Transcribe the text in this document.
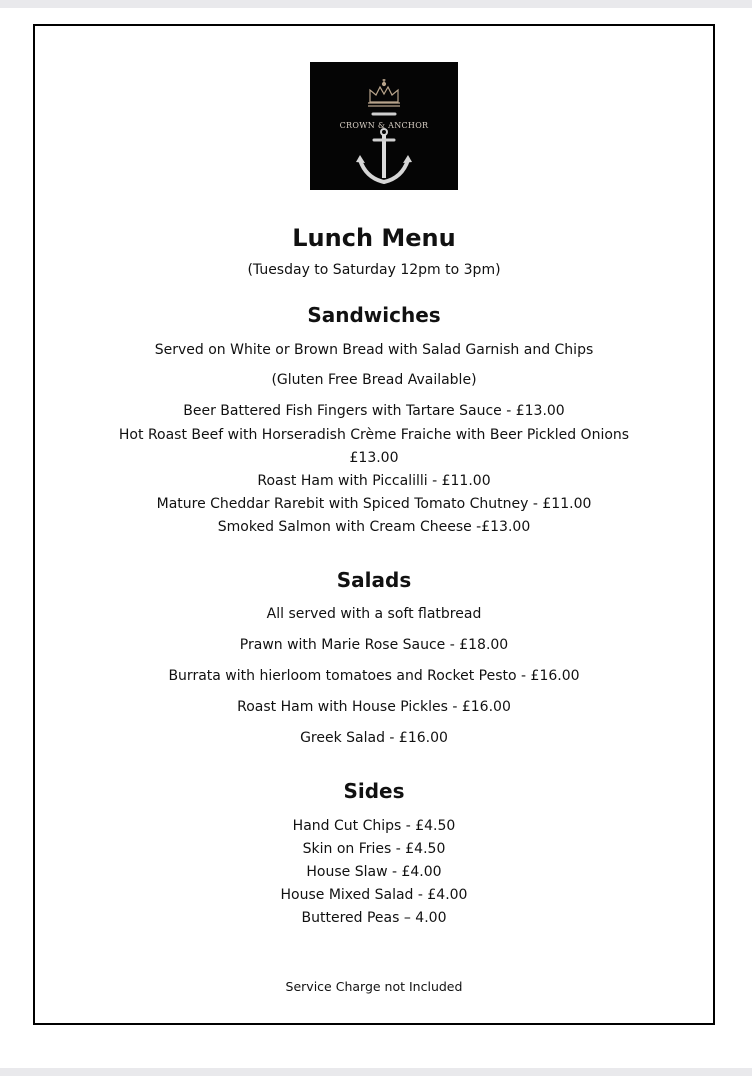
CROWN & ANCHOR
Lunch Menu
(Tuesday to Saturday 12pm to 3pm)
Sandwiches
Served on White or Brown Bread with Salad Garnish and Chips
(Gluten Free Bread Available)
Beer Battered Fish Fingers with Tartare Sauce - £13.00
Hot Roast Beef with Horseradish Crème Fraiche with Beer Pickled Onions
£13.00
Roast Ham with Piccalilli - £11.00
Mature Cheddar Rarebit with Spiced Tomato Chutney - £11.00
Smoked Salmon with Cream Cheese -£13.00
Salads
All served with a soft flatbread
Prawn with Marie Rose Sauce - £18.00
Burrata with hierloom tomatoes and Rocket Pesto - £16.00
Roast Ham with House Pickles - £16.00
Greek Salad - £16.00
Sides
Hand Cut Chips - £4.50
Skin on Fries - £4.50
House Slaw - £4.00
House Mixed Salad - £4.00
Buttered Peas – 4.00
Service Charge not Included
